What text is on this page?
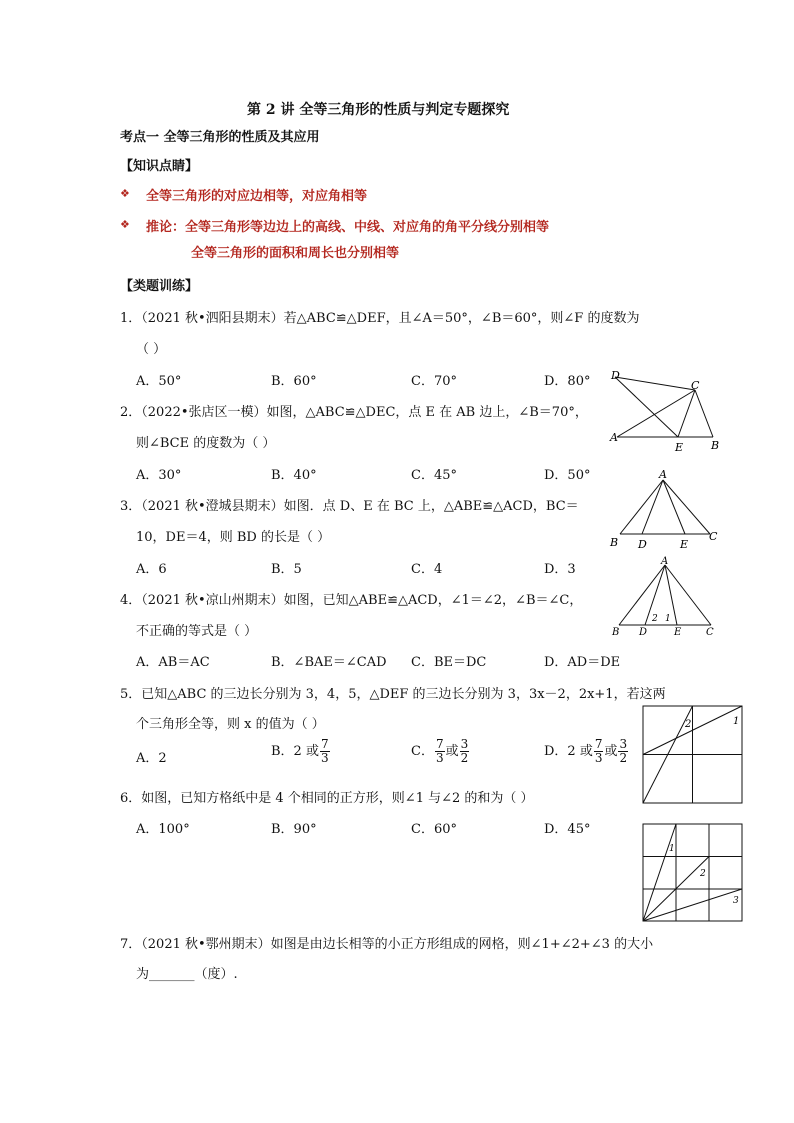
第 2 讲 全等三角形的性质与判定专题探究
考点一 全等三角形的性质及其应用
【知识点睛】
❖ 全等三角形的对应边相等，对应角相等
❖ 推论：全等三角形等边边上的高线、中线、对应角的角平分线分别相等
全等三角形的面积和周长也分别相等
【类题训练】
1．（2021 秋•泗阳县期末）若△ABC≌△DEF，且∠A＝50°，∠B＝60°，则∠F 的度数为
（ ）
A．50°	B．60°	C．70°	D．80°
2．（2022•张店区一模）如图，△ABC≌△DEC，点 E 在 AB 边上，∠B＝70°，
则∠BCE 的度数为（ ）
A．30°	B．40°	C．45°	D．50°
D
C
A
E	B
3．（2021 秋•澄城县期末）如图．点 D、E 在 BC 上，△ABE≌△ACD，BC＝
10，DE＝4，则 BD 的长是（ ）
A．6	B．5	C．4	D．3
A
B D	E
C
4．（2021 秋•凉山州期末）如图，已知△ABE≌△ACD，∠1＝∠2，∠B＝∠C，
不正确的等式是（ ）
A．AB＝AC	B．∠BAE＝∠CAD C．BE＝DC	D．AD＝DE
A
B D	E C
2 1
5．已知△ABC 的三边长分别为 3，4，5，△DEF 的三边长分别为 3，3x－2，2x+1，若这两
个三角形全等，则 x 的值为（ ）
A．2	B．2 或 $\frac{7}{3}$	C． $\frac{7}{3}$ 或 $\frac{3}{2}$	D．2 或 $\frac{7}{3}$ 或 $\frac{3}{2}$
6．如图，已知方格纸中是 4 个相同的正方形，则∠1 与∠2 的和为（ ）
A．100°	B．90°	C．60°	D．45°
2	1
1
2
3
7．（2021 秋•鄂州期末）如图是由边长相等的小正方形组成的网格，则∠1+∠2+∠3 的大小
为_______（度）.
